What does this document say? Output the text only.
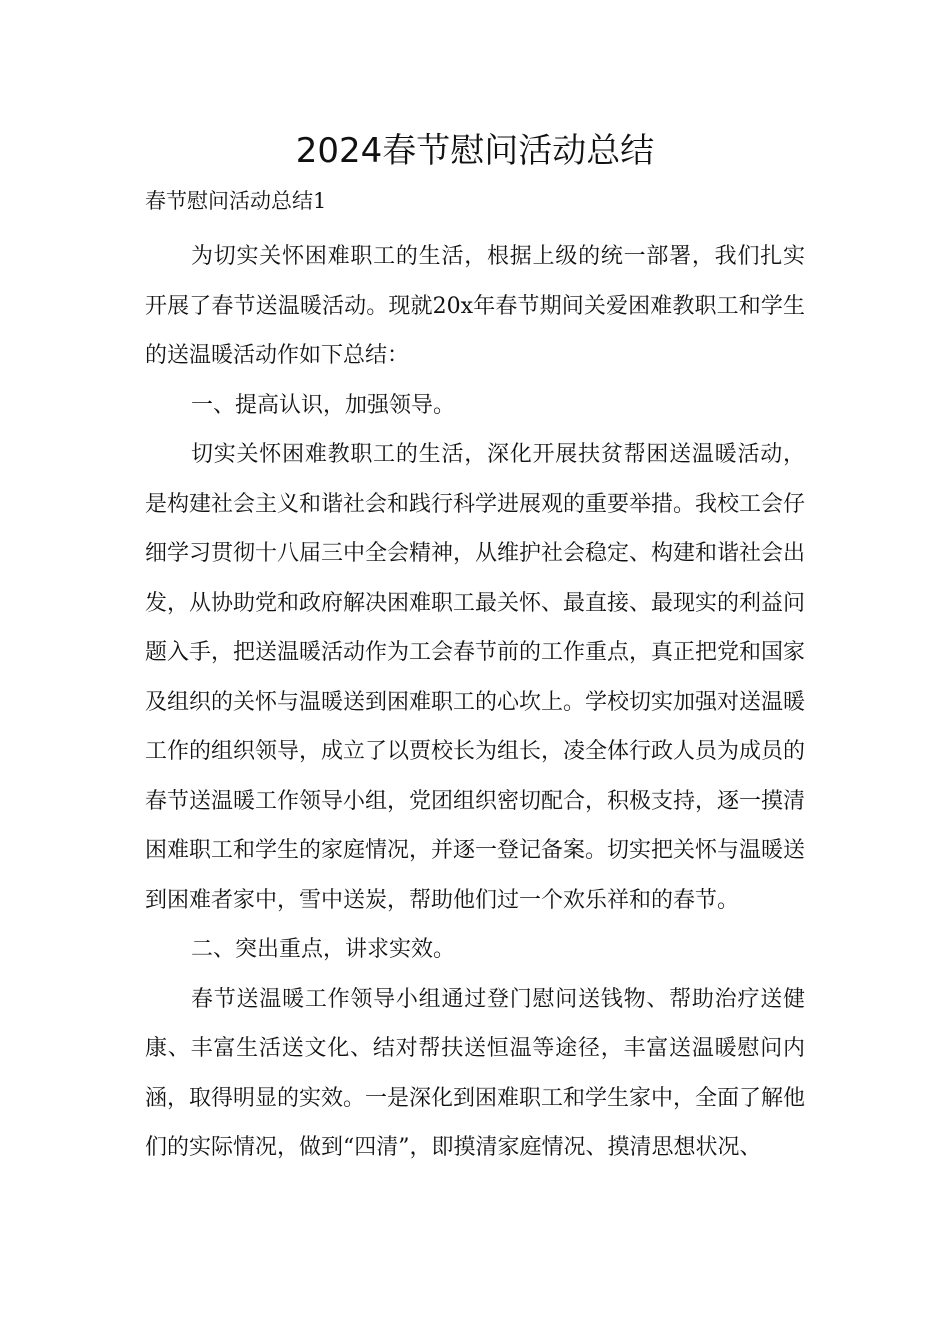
2024春节慰问活动总结
春节慰问活动总结1

为切实关怀困难职工的生活，根据上级的统一部署，我们扎实开展了春节送温暖活动。现就20x年春节期间关爱困难教职工和学生的送温暖活动作如下总结：

一、提高认识，加强领导。

切实关怀困难教职工的生活，深化开展扶贫帮困送温暖活动，是构建社会主义和谐社会和践行科学进展观的重要举措。我校工会仔细学习贯彻十八届三中全会精神，从维护社会稳定、构建和谐社会出发，从协助党和政府解决困难职工最关怀、最直接、最现实的利益问题入手，把送温暖活动作为工会春节前的工作重点，真正把党和国家及组织的关怀与温暖送到困难职工的心坎上。学校切实加强对送温暖工作的组织领导，成立了以贾校长为组长，凌全体行政人员为成员的春节送温暖工作领导小组，党团组织密切配合，积极支持，逐一摸清困难职工和学生的家庭情况，并逐一登记备案。切实把关怀与温暖送到困难者家中，雪中送炭，帮助他们过一个欢乐祥和的春节。

二、突出重点，讲求实效。

春节送温暖工作领导小组通过登门慰问送钱物、帮助治疗送健康、丰富生活送文化、结对帮扶送恒温等途径，丰富送温暖慰问内涵，取得明显的实效。一是深化到困难职工和学生家中，全面了解他们的实际情况，做到“四清”，即摸清家庭情况、摸清思想状况、
